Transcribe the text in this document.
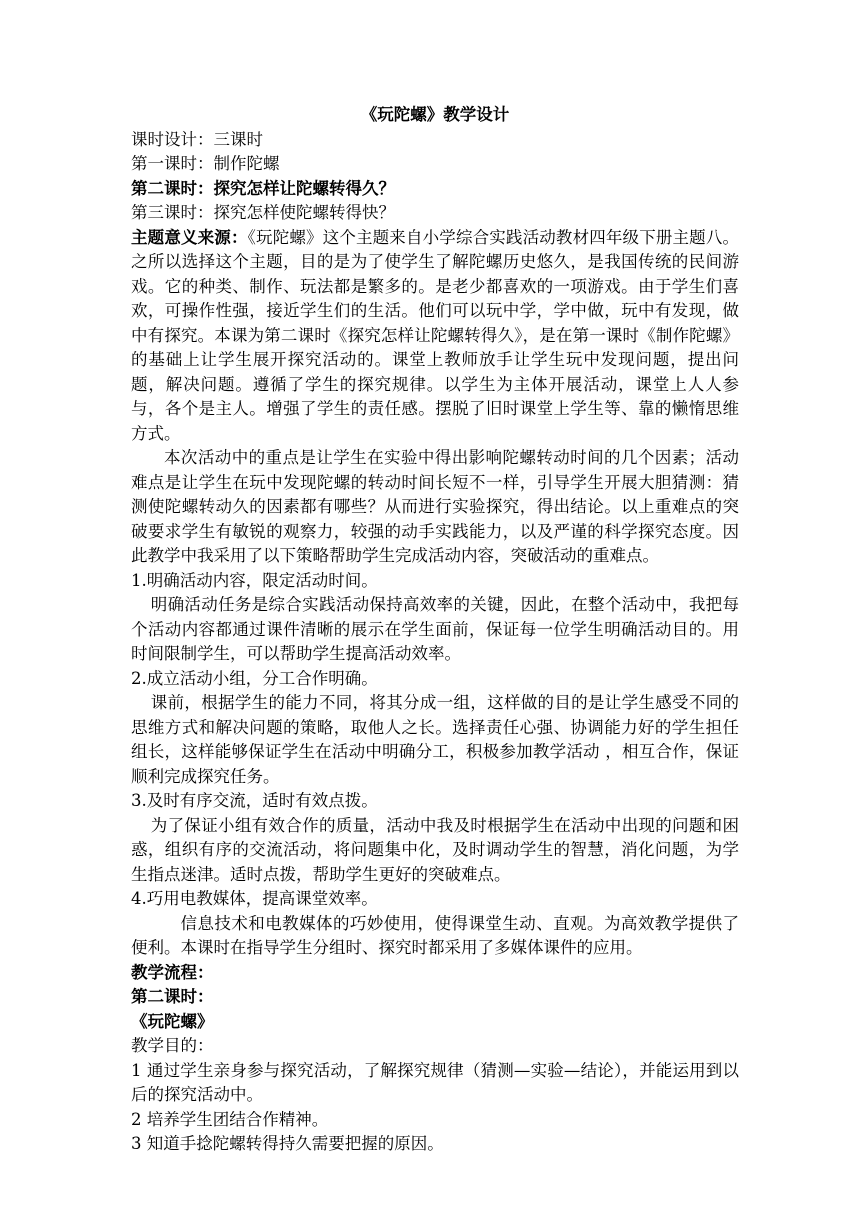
《玩陀螺》教学设计

课时设计：三课时

第一课时：制作陀螺

第二课时：探究怎样让陀螺转得久？

第三课时：探究怎样使陀螺转得快？

主题意义来源：《玩陀螺》这个主题来自小学综合实践活动教材四年级下册主题八。之所以选择这个主题，目的是为了使学生了解陀螺历史悠久，是我国传统的民间游戏。它的种类、制作、玩法都是繁多的。是老少都喜欢的一项游戏。由于学生们喜欢，可操作性强，接近学生们的生活。他们可以玩中学，学中做，玩中有发现，做中有探究。本课为第二课时《探究怎样让陀螺转得久》，是在第一课时《制作陀螺》的基础上让学生展开探究活动的。课堂上教师放手让学生玩中发现问题，提出问题，解决问题。遵循了学生的探究规律。以学生为主体开展活动，课堂上人人参与，各个是主人。增强了学生的责任感。摆脱了旧时课堂上学生等、靠的懒惰思维方式。

本次活动中的重点是让学生在实验中得出影响陀螺转动时间的几个因素；活动难点是让学生在玩中发现陀螺的转动时间长短不一样，引导学生开展大胆猜测：猜测使陀螺转动久的因素都有哪些？从而进行实验探究，得出结论。以上重难点的突破要求学生有敏锐的观察力，较强的动手实践能力，以及严谨的科学探究态度。因此教学中我采用了以下策略帮助学生完成活动内容，突破活动的重难点。

1.明确活动内容，限定活动时间。

明确活动任务是综合实践活动保持高效率的关键，因此，在整个活动中，我把每个活动内容都通过课件清晰的展示在学生面前，保证每一位学生明确活动目的。用时间限制学生，可以帮助学生提高活动效率。

2.成立活动小组，分工合作明确。

课前，根据学生的能力不同，将其分成一组，这样做的目的是让学生感受不同的思维方式和解决问题的策略，取他人之长。选择责任心强、协调能力好的学生担任组长，这样能够保证学生在活动中明确分工，积极参加教学活动 ，相互合作，保证顺利完成探究任务。

3.及时有序交流，适时有效点拨。

为了保证小组有效合作的质量，活动中我及时根据学生在活动中出现的问题和困惑，组织有序的交流活动，将问题集中化，及时调动学生的智慧，消化问题，为学生指点迷津。适时点拨，帮助学生更好的突破难点。

4.巧用电教媒体，提高课堂效率。

信息技术和电教媒体的巧妙使用，使得课堂生动、直观。为高效教学提供了便利。本课时在指导学生分组时、探究时都采用了多媒体课件的应用。

教学流程：

第二课时：

《玩陀螺》

教学目的：

1 通过学生亲身参与探究活动，了解探究规律（猜测—实验—结论），并能运用到以后的探究活动中。

2 培养学生团结合作精神。

3 知道手捻陀螺转得持久需要把握的原因。
